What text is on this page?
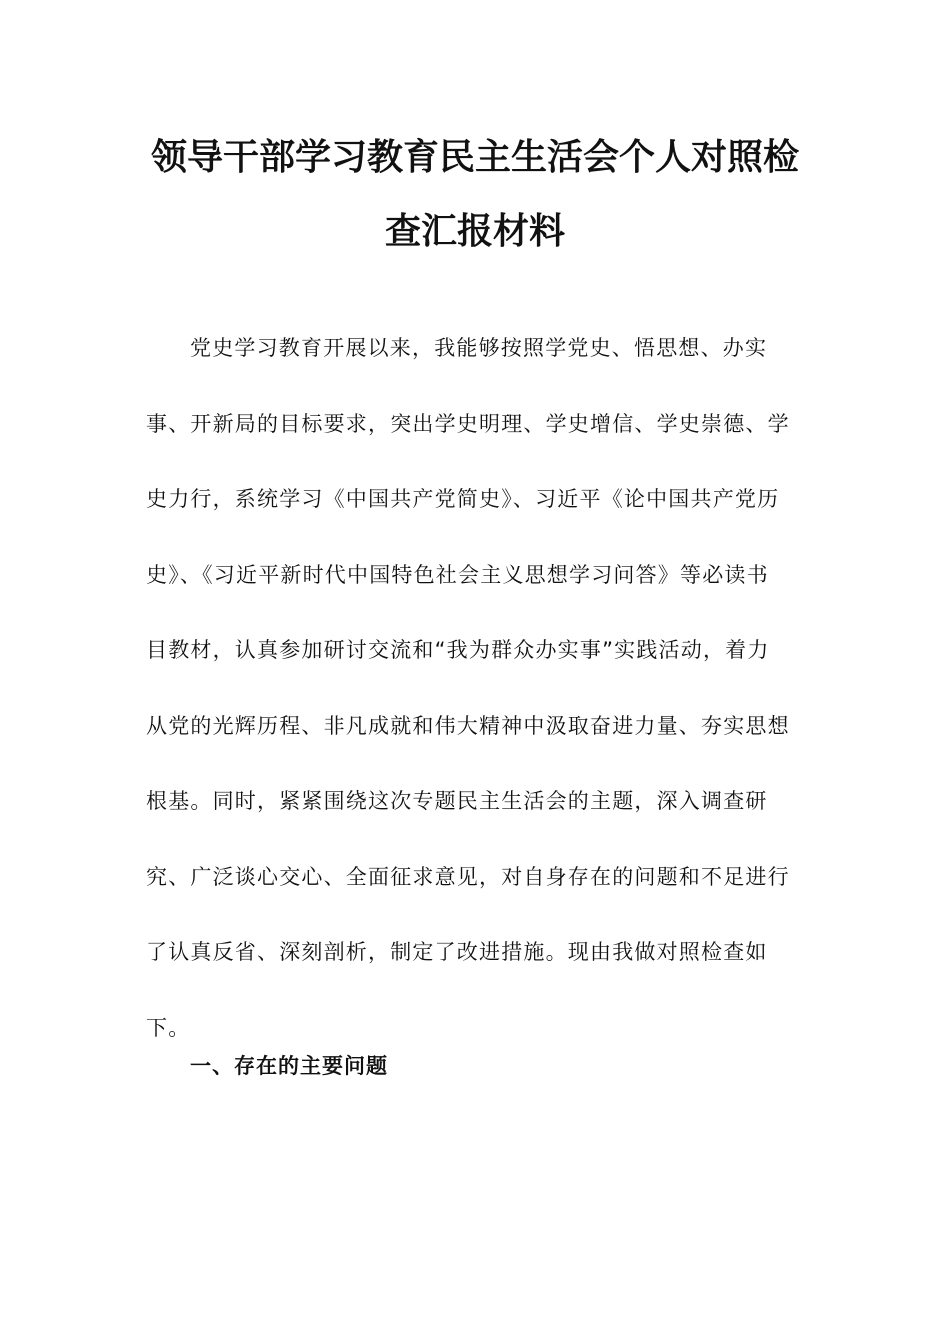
领导干部学习教育民主生活会个人对照检
查汇报材料
党史学习教育开展以来，我能够按照学党史、悟思想、办实
事、开新局的目标要求，突出学史明理、学史增信、学史崇德、学
史力行，系统学习《中国共产党简史》、习近平《论中国共产党历
史》、《习近平新时代中国特色社会主义思想学习问答》等必读书
目教材，认真参加研讨交流和“我为群众办实事”实践活动，着力
从党的光辉历程、非凡成就和伟大精神中汲取奋进力量、夯实思想
根基。同时，紧紧围绕这次专题民主生活会的主题，深入调查研
究、广泛谈心交心、全面征求意见，对自身存在的问题和不足进行
了认真反省、深刻剖析，制定了改进措施。现由我做对照检查如
下。
一、存在的主要问题
